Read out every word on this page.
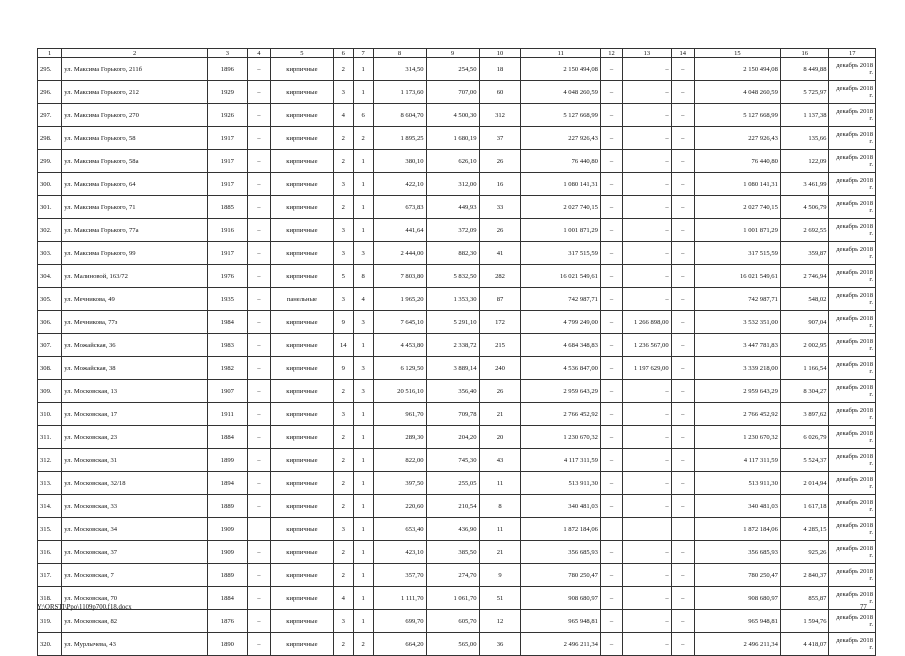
1	2	3	4	5	6	7	8	9	10	11	12	13	14	15	16	17
295.	ул. Максима Горького, 211б	1896	–	кирпичные	2	1	314,50	254,50	18	2 150 494,08	–	–	–	2 150 494,08	8 449,88	декабрь 2018 г.
296.	ул. Максима Горького, 212	1929	–	кирпичные	3	1	1 173,60	707,00	60	4 048 260,59	–	–	–	4 048 260,59	5 725,97	декабрь 2018 г.
297.	ул. Максима Горького, 270	1926	–	кирпичные	4	6	8 604,70	4 500,30	312	5 127 668,99	–	–	–	5 127 668,99	1 137,38	декабрь 2018 г.
298.	ул. Максима Горького, 58	1917	–	кирпичные	2	2	1 895,25	1 680,19	37	227 926,43	–	–	–	227 926,43	135,66	декабрь 2018 г.
299.	ул. Максима Горького, 58а	1917	–	кирпичные	2	1	380,10	626,10	26	76 440,80	–	–	–	76 440,80	122,09	декабрь 2018 г.
300.	ул. Максима Горького, 64	1917	–	кирпичные	3	1	422,10	312,00	16	1 080 141,31	–	–	–	1 080 141,31	3 461,99	декабрь 2018 г.
301.	ул. Максима Горького, 71	1885	–	кирпичные	2	1	673,83	449,93	33	2 027 740,15	–	–	–	2 027 740,15	4 506,79	декабрь 2018 г.
302.	ул. Максима Горького, 77а	1916	–	кирпичные	3	1	441,64	372,09	26	1 001 871,29	–	–	–	1 001 871,29	2 692,55	декабрь 2018 г.
303.	ул. Максима Горького, 99	1917	–	кирпичные	3	3	2 444,00	882,30	41	317 515,59	–	–	–	317 515,59	359,87	декабрь 2018 г.
304.	ул. Малиновой, 163/72	1976	–	кирпичные	5	8	7 803,80	5 832,50	282	16 021 549,61	–	–	–	16 021 549,61	2 746,94	декабрь 2018 г.
305.	ул. Мечникова, 49	1935	–	панельные	3	4	1 965,20	1 353,30	87	742 987,71	–	–	–	742 987,71	548,02	декабрь 2018 г.
306.	ул. Мечникова, 77з	1984	–	кирпичные	9	3	7 645,10	5 291,10	172	4 799 249,00	–	1 266 898,00	–	3 532 351,00	907,04	декабрь 2018 г.
307.	ул. Можайская, 36	1983	–	кирпичные	14	1	4 453,80	2 338,72	215	4 684 348,83	–	1 236 567,00	–	3 447 781,83	2 002,95	декабрь 2018 г.
308.	ул. Можайская, 38	1982	–	кирпичные	9	3	6 129,50	3 889,14	240	4 536 847,00	–	1 197 629,00	–	3 339 218,00	1 166,54	декабрь 2018 г.
309.	ул. Московская, 13	1907	–	кирпичные	2	3	20 516,10	356,40	26	2 959 643,29	–	–	–	2 959 643,29	8 304,27	декабрь 2018 г.
310.	ул. Московская, 17	1911	–	кирпичные	3	1	961,70	709,78	21	2 766 452,92	–	–	–	2 766 452,92	3 897,62	декабрь 2018 г.
311.	ул. Московская, 23	1884	–	кирпичные	2	1	289,30	204,20	20	1 230 670,32	–	–	–	1 230 670,32	6 026,79	декабрь 2018 г.
312.	ул. Московская, 31	1899	–	кирпичные	2	1	822,00	745,30	43	4 117 311,59	–	–	–	4 117 311,59	5 524,37	декабрь 2018 г.
313.	ул. Московская, 32/18	1894	–	кирпичные	2	1	397,50	255,05	11	513 911,30	–	–	–	513 911,30	2 014,94	декабрь 2018 г.
314.	ул. Московская, 33	1889	–	кирпичные	2	1	220,60	210,54	8	340 481,03	–	–	–	340 481,03	1 617,18	декабрь 2018 г.
315.	ул. Московская, 34	1909		кирпичные	3	1	653,40	436,90	11	1 872 184,06				1 872 184,06	4 285,15	декабрь 2018 г.
316.	ул. Московская, 37	1909	–	кирпичные	2	1	423,10	385,50	21	356 685,93	–	–	–	356 685,93	925,26	декабрь 2018 г.
317.	ул. Московская, 7	1889	–	кирпичные	2	1	357,70	274,70	9	780 250,47	–	–	–	780 250,47	2 840,37	декабрь 2018 г.
318.	ул. Московская, 70	1884	–	кирпичные	4	1	1 111,70	1 061,70	51	908 680,97	–	–	–	908 680,97	855,87	декабрь 2018 г.
319.	ул. Московская, 82	1876	–	кирпичные	3	1	699,70	605,70	12	965 948,81	–	–	–	965 948,81	1 594,76	декабрь 2018 г.
320.	ул. Мурлычева, 43	1890	–	кирпичные	2	2	664,20	565,00	36	2 496 211,34	–	–	–	2 496 211,34	4 418,07	декабрь 2018 г.
Y:\ORSTI\Ppo\1109p700.f18.docx	77
